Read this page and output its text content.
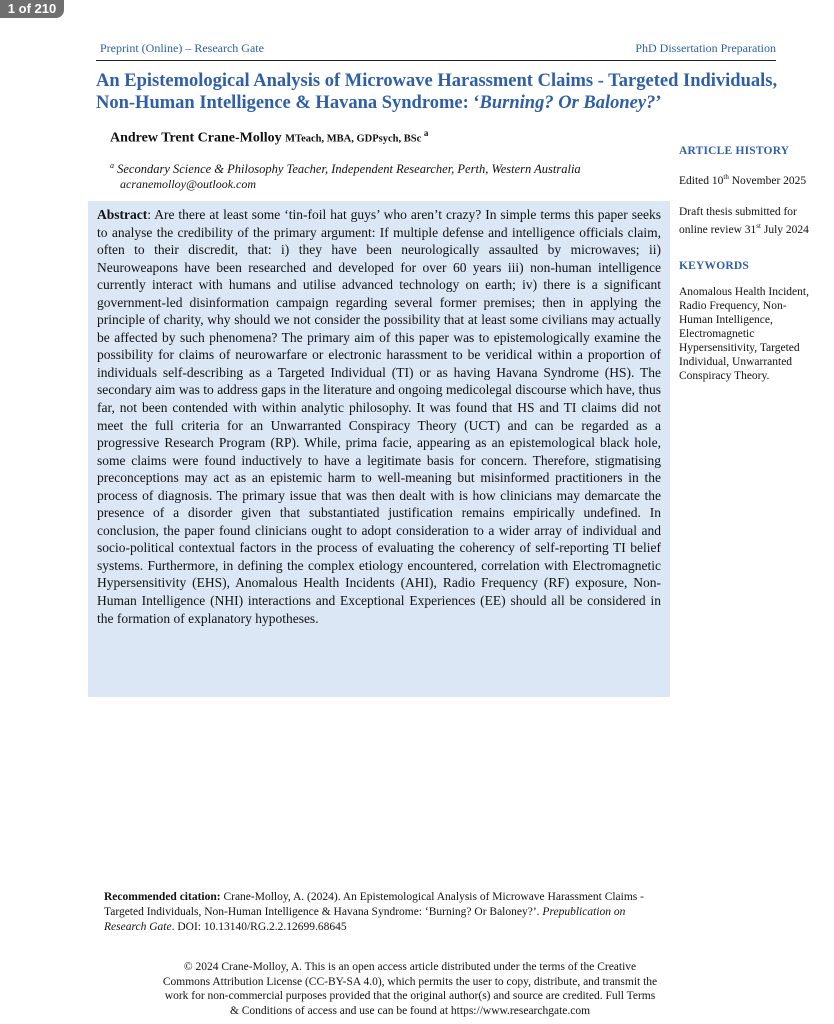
1 of 210
Preprint (Online) – Research Gate	PhD Dissertation Preparation
An Epistemological Analysis of Microwave Harassment Claims - Targeted Individuals, Non-Human Intelligence & Havana Syndrome: ‘Burning? Or Baloney?’
Andrew Trent Crane-Molloy MTeach, MBA, GDPsych, BSc $^a$
$^a$ Secondary Science & Philosophy Teacher, Independent Researcher, Perth, Western Australia
acranemolloy@outlook.com
Abstract: Are there at least some ‘tin-foil hat guys’ who aren’t crazy? In simple terms this paper seeks to analyse the credibility of the primary argument: If multiple defense and intelligence officials claim, often to their discredit, that: i) they have been neurologically assaulted by microwaves; ii) Neuroweapons have been researched and developed for over 60 years iii) non-human intelligence currently interact with humans and utilise advanced technology on earth; iv) there is a significant government-led disinformation campaign regarding several former premises; then in applying the principle of charity, why should we not consider the possibility that at least some civilians may actually be affected by such phenomena? The primary aim of this paper was to epistemologically examine the possibility for claims of neurowarfare or electronic harassment to be veridical within a proportion of individuals self-describing as a Targeted Individual (TI) or as having Havana Syndrome (HS). The secondary aim was to address gaps in the literature and ongoing medicolegal discourse which have, thus far, not been contended with within analytic philosophy. It was found that HS and TI claims did not meet the full criteria for an Unwarranted Conspiracy Theory (UCT) and can be regarded as a progressive Research Program (RP). While, prima facie, appearing as an epistemological black hole, some claims were found inductively to have a legitimate basis for concern. Therefore, stigmatising preconceptions may act as an epistemic harm to well-meaning but misinformed practitioners in the process of diagnosis. The primary issue that was then dealt with is how clinicians may demarcate the presence of a disorder given that substantiated justification remains empirically undefined. In conclusion, the paper found clinicians ought to adopt consideration to a wider array of individual and socio-political contextual factors in the process of evaluating the coherency of self-reporting TI belief systems. Furthermore, in defining the complex etiology encountered, correlation with Electromagnetic Hypersensitivity (EHS), Anomalous Health Incidents (AHI), Radio Frequency (RF) exposure, Non-Human Intelligence (NHI) interactions and Exceptional Experiences (EE) should all be considered in the formation of explanatory hypotheses.
ARTICLE HISTORY
Edited 10th November 2025
Draft thesis submitted for online review 31st July 2024
KEYWORDS
Anomalous Health Incident, Radio Frequency, Non-Human Intelligence, Electromagnetic Hypersensitivity, Targeted Individual, Unwarranted Conspiracy Theory.
Recommended citation: Crane-Molloy, A. (2024). An Epistemological Analysis of Microwave Harassment Claims - Targeted Individuals, Non-Human Intelligence & Havana Syndrome: ‘Burning? Or Baloney?’. Prepublication on Research Gate. DOI: 10.13140/RG.2.2.12699.68645
© 2024 Crane-Molloy, A. This is an open access article distributed under the terms of the Creative Commons Attribution License (CC-BY-SA 4.0), which permits the user to copy, distribute, and transmit the work for non-commercial purposes provided that the original author(s) and source are credited. Full Terms & Conditions of access and use can be found at https://www.researchgate.com
